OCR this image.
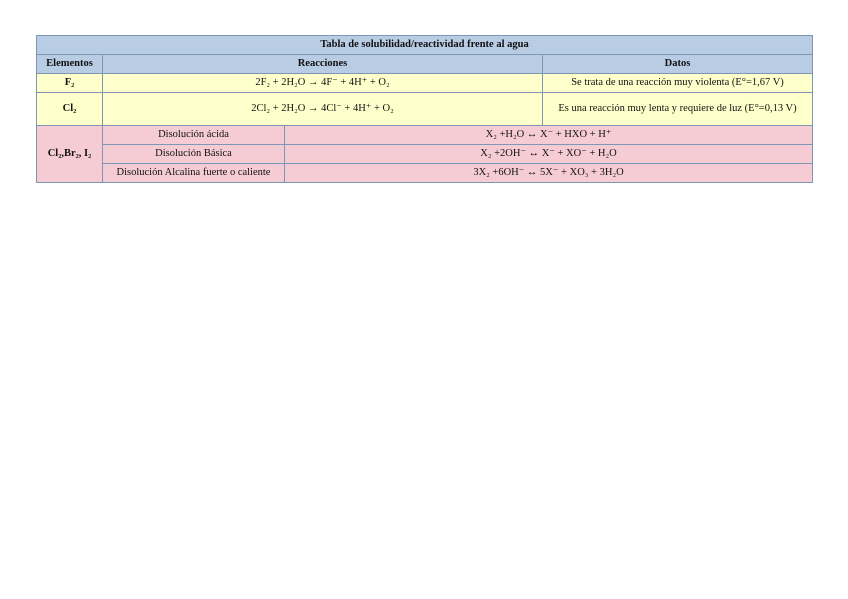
Tabla de solubilidad/reactividad frente al agua			
Elementos	Reacciones		Datos
F₂	2F₂ + 2H₂O → 4F⁻ + 4H⁺ + O₂		Se trata de una reacción muy violenta (E°=1,67 V)
Cl₂	2Cl₂ + 2H₂O → 4Cl⁻ + 4H⁺ + O₂		Es una reacción muy lenta y requiere de luz (E°=0,13 V)
Cl₂,Br₂, I₂	Disolución ácida	X₂ +H₂O ↔ X⁻ + HXO + H⁺	
	Disolución Básica	X₂ +2OH⁻ ↔ X⁻ + XO⁻ + H₂O	
	Disolución Alcalina fuerte o caliente	3X₂ +6OH⁻ ↔ 5X⁻ + XO₃ + 3H₂O	
